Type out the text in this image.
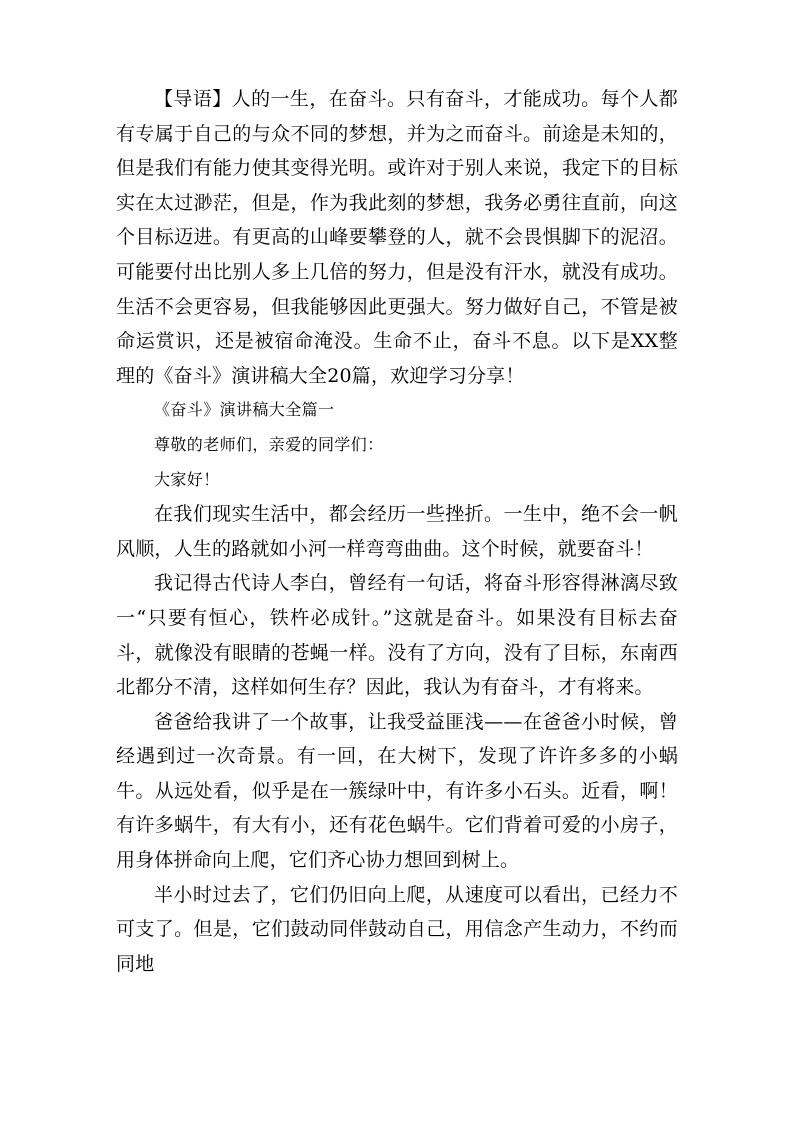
【导语】人的一生，在奋斗。只有奋斗，才能成功。每个人都有专属于自己的与众不同的梦想，并为之而奋斗。前途是未知的，但是我们有能力使其变得光明。或许对于别人来说，我定下的目标实在太过渺茫，但是，作为我此刻的梦想，我务必勇往直前，向这个目标迈进。有更高的山峰要攀登的人，就不会畏惧脚下的泥沼。可能要付出比别人多上几倍的努力，但是没有汗水，就没有成功。生活不会更容易，但我能够因此更强大。努力做好自己，不管是被命运赏识，还是被宿命淹没。生命不止，奋斗不息。以下是XX整理的《奋斗》演讲稿大全20篇，欢迎学习分享！

《奋斗》演讲稿大全篇一

尊敬的老师们，亲爱的同学们：

大家好！

在我们现实生活中，都会经历一些挫折。一生中，绝不会一帆风顺，人生的路就如小河一样弯弯曲曲。这个时候，就要奋斗！

我记得古代诗人李白，曾经有一句话，将奋斗形容得淋漓尽致一“只要有恒心，铁杵必成针。”这就是奋斗。如果没有目标去奋斗，就像没有眼睛的苍蝇一样。没有了方向，没有了目标，东南西北都分不清，这样如何生存？因此，我认为有奋斗，才有将来。

爸爸给我讲了一个故事，让我受益匪浅——在爸爸小时候，曾经遇到过一次奇景。有一回，在大树下，发现了许许多多的小蜗牛。从远处看，似乎是在一簇绿叶中，有许多小石头。近看，啊！有许多蜗牛，有大有小，还有花色蜗牛。它们背着可爱的小房子，用身体拼命向上爬，它们齐心协力想回到树上。

半小时过去了，它们仍旧向上爬，从速度可以看出，已经力不可支了。但是，它们鼓动同伴鼓动自己，用信念产生动力，不约而同地
